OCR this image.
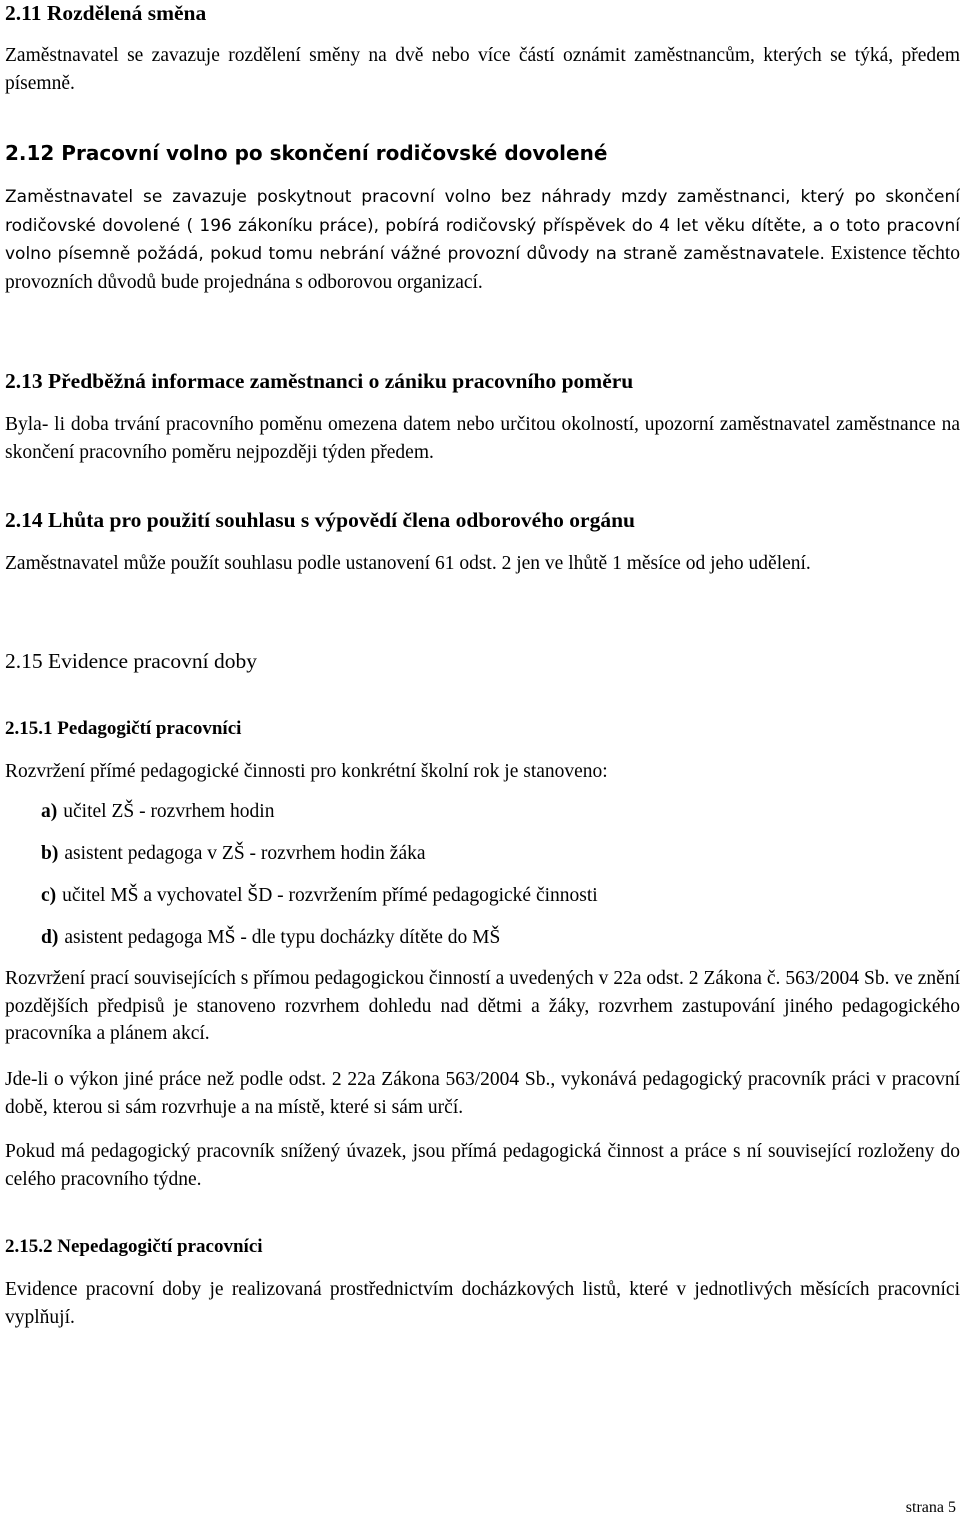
2.11 Rozdělená směna

Zaměstnavatel se zavazuje rozdělení směny na dvě nebo více částí oznámit zaměstnancům, kterých se týká, předem písemně.

2.12 Pracovní volno po skončení rodičovské dovolené

Zaměstnavatel se zavazuje poskytnout pracovní volno bez náhrady mzdy zaměstnanci, který po skončení rodičovské dovolené ( 196 zákoníku práce), pobírá rodičovský příspěvek do 4 let věku dítěte, a o toto pracovní volno písemně požádá, pokud tomu nebrání vážné provozní důvody na straně zaměstnavatele. Existence těchto provozních důvodů bude projednána s odborovou organizací.

2.13 Předběžná informace zaměstnanci o zániku pracovního poměru

Byla- li doba trvání pracovního poměnu omezena datem nebo určitou okolností, upozorní zaměstnavatel zaměstnance na skončení pracovního poměru nejpozději týden předem.

2.14 Lhůta pro použití souhlasu s výpovědí člena odborového orgánu

Zaměstnavatel může použít souhlasu podle ustanovení 61 odst. 2 jen ve lhůtě 1 měsíce od jeho udělení.

2.15 Evidence pracovní doby
2.15.1 Pedagogičtí pracovníci

Rozvržení přímé pedagogické činnosti pro konkrétní školní rok je stanoveno:

a) učitel ZŠ - rozvrhem hodin
b) asistent pedagoga v ZŠ - rozvrhem hodin žáka
c) učitel MŠ a vychovatel ŠD - rozvržením přímé pedagogické činnosti
d) asistent pedagoga MŠ - dle typu docházky dítěte do MŠ

Rozvržení prací souvisejících s přímou pedagogickou činností a uvedených v 22a odst. 2 Zákona č. 563/2004 Sb. ve znění pozdějších předpisů je stanoveno rozvrhem dohledu nad dětmi a žáky, rozvrhem zastupování jiného pedagogického pracovníka a plánem akcí.

Jde-li o výkon jiné práce než podle odst. 2 22a Zákona 563/2004 Sb., vykonává pedagogický pracovník práci v pracovní době, kterou si sám rozvrhuje a na místě, které si sám určí.

Pokud má pedagogický pracovník snížený úvazek, jsou přímá pedagogická činnost a práce s ní související rozloženy do celého pracovního týdne.

2.15.2 Nepedagogičtí pracovníci

Evidence pracovní doby je realizovaná prostřednictvím docházkových listů, které v jednotlivých měsících pracovníci vyplňují.

strana 5
